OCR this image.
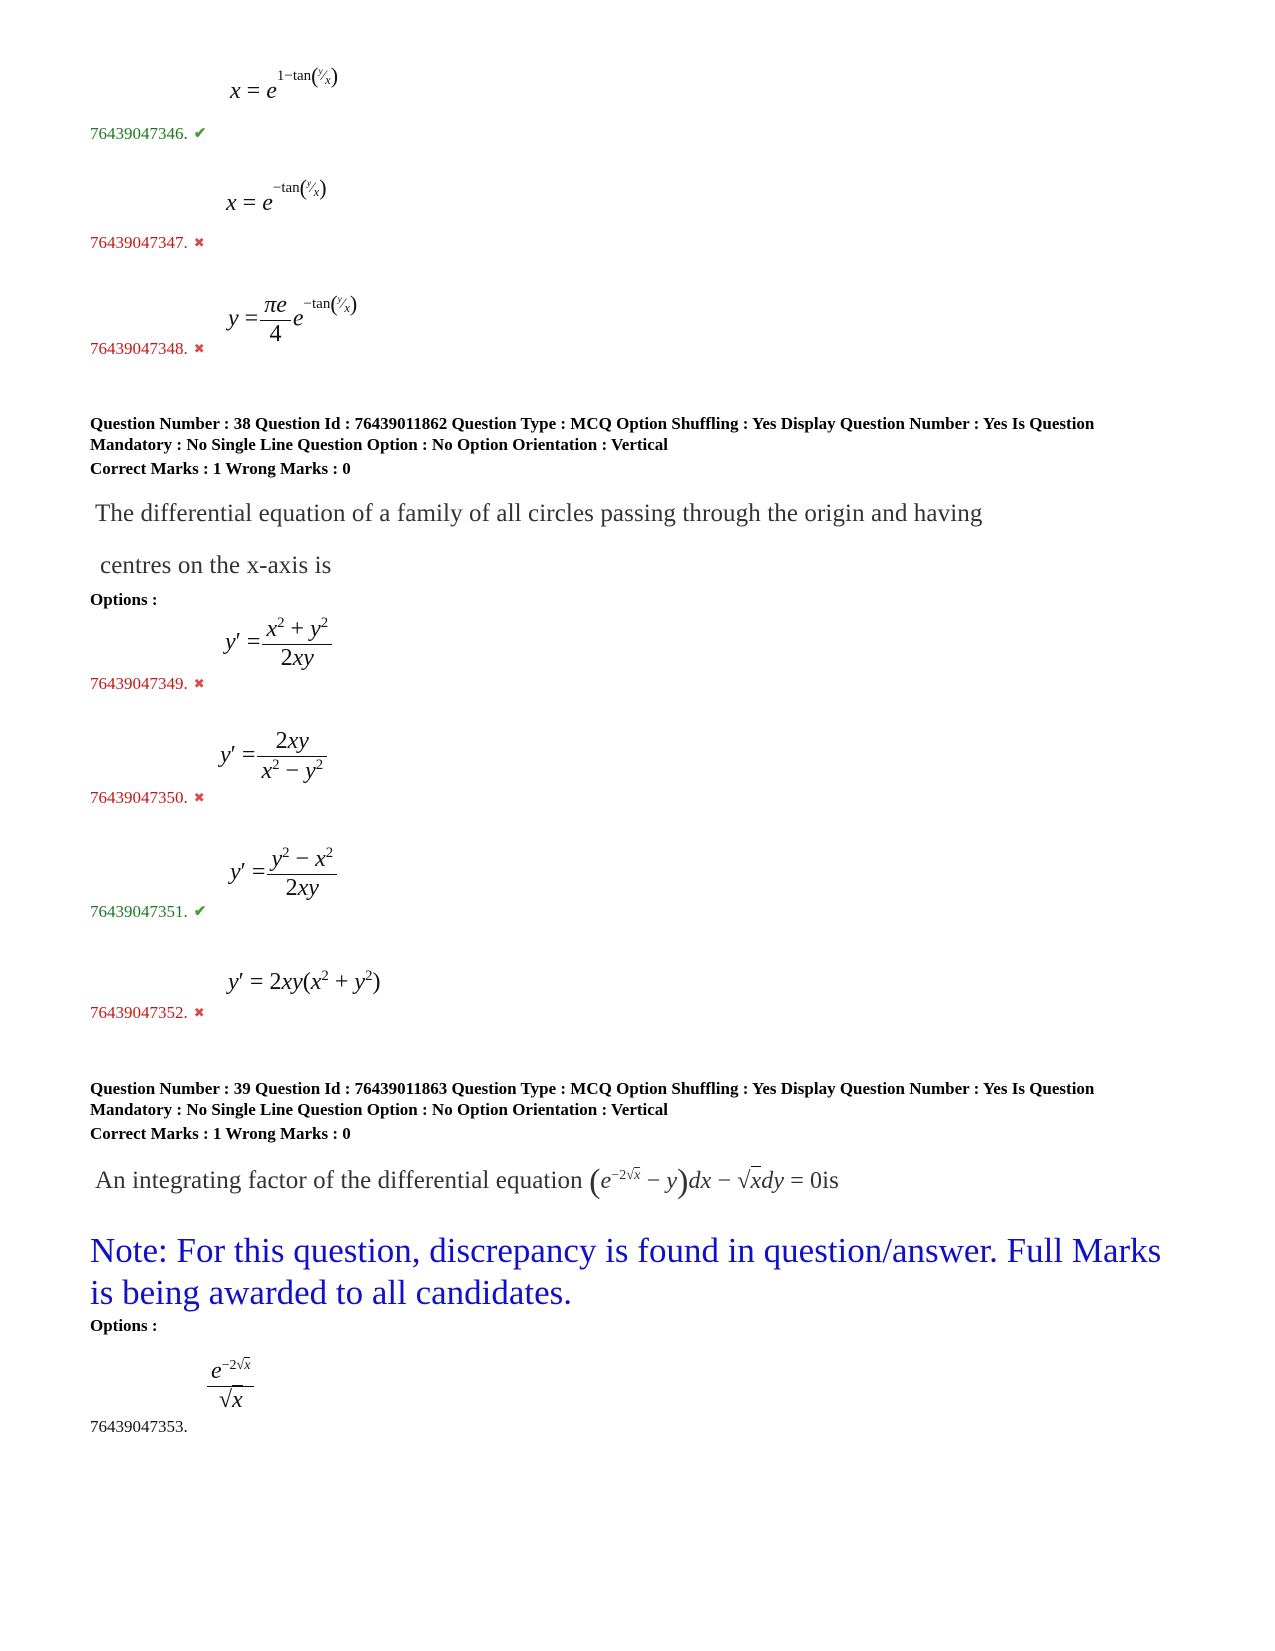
$x = e^{1-tan(^y⁄_x)}$
76439047346. ✔
$x = e^{-tan(^y⁄_x)}$
76439047347. ✖
$y = \frac{\pi e}{4} e^{-tan(^y⁄_x)}$
76439047348. ✖
Question Number : 38 Question Id : 76439011862 Question Type : MCQ Option Shuffling : Yes Display Question Number : Yes Is Question
Mandatory : No Single Line Question Option : No Option Orientation : Vertical
Correct Marks : 1 Wrong Marks : 0
The differential equation of a family of all circles passing through the origin and having
centres on the x-axis is
Options :
$y' = \frac{x^2 + y^2}{2xy}$
76439047349. ✖
$y' = \frac{2xy}{x^2 - y^2}$
76439047350. ✖
$y' = \frac{y^2 - x^2}{2xy}$
76439047351. ✔
$y' = 2xy(x^2 + y^2)$
76439047352. ✖
Question Number : 39 Question Id : 76439011863 Question Type : MCQ Option Shuffling : Yes Display Question Number : Yes Is Question
Mandatory : No Single Line Question Option : No Option Orientation : Vertical
Correct Marks : 1 Wrong Marks : 0
An integrating factor of the differential equation $(e^{-2√x} - y)dx - √xdy = 0is$
Note: For this question, discrepancy is found in question/answer. Full Marks is being awarded to all candidates.
Options :
$\frac{e^{-2√x}}{√x}$
76439047353.
